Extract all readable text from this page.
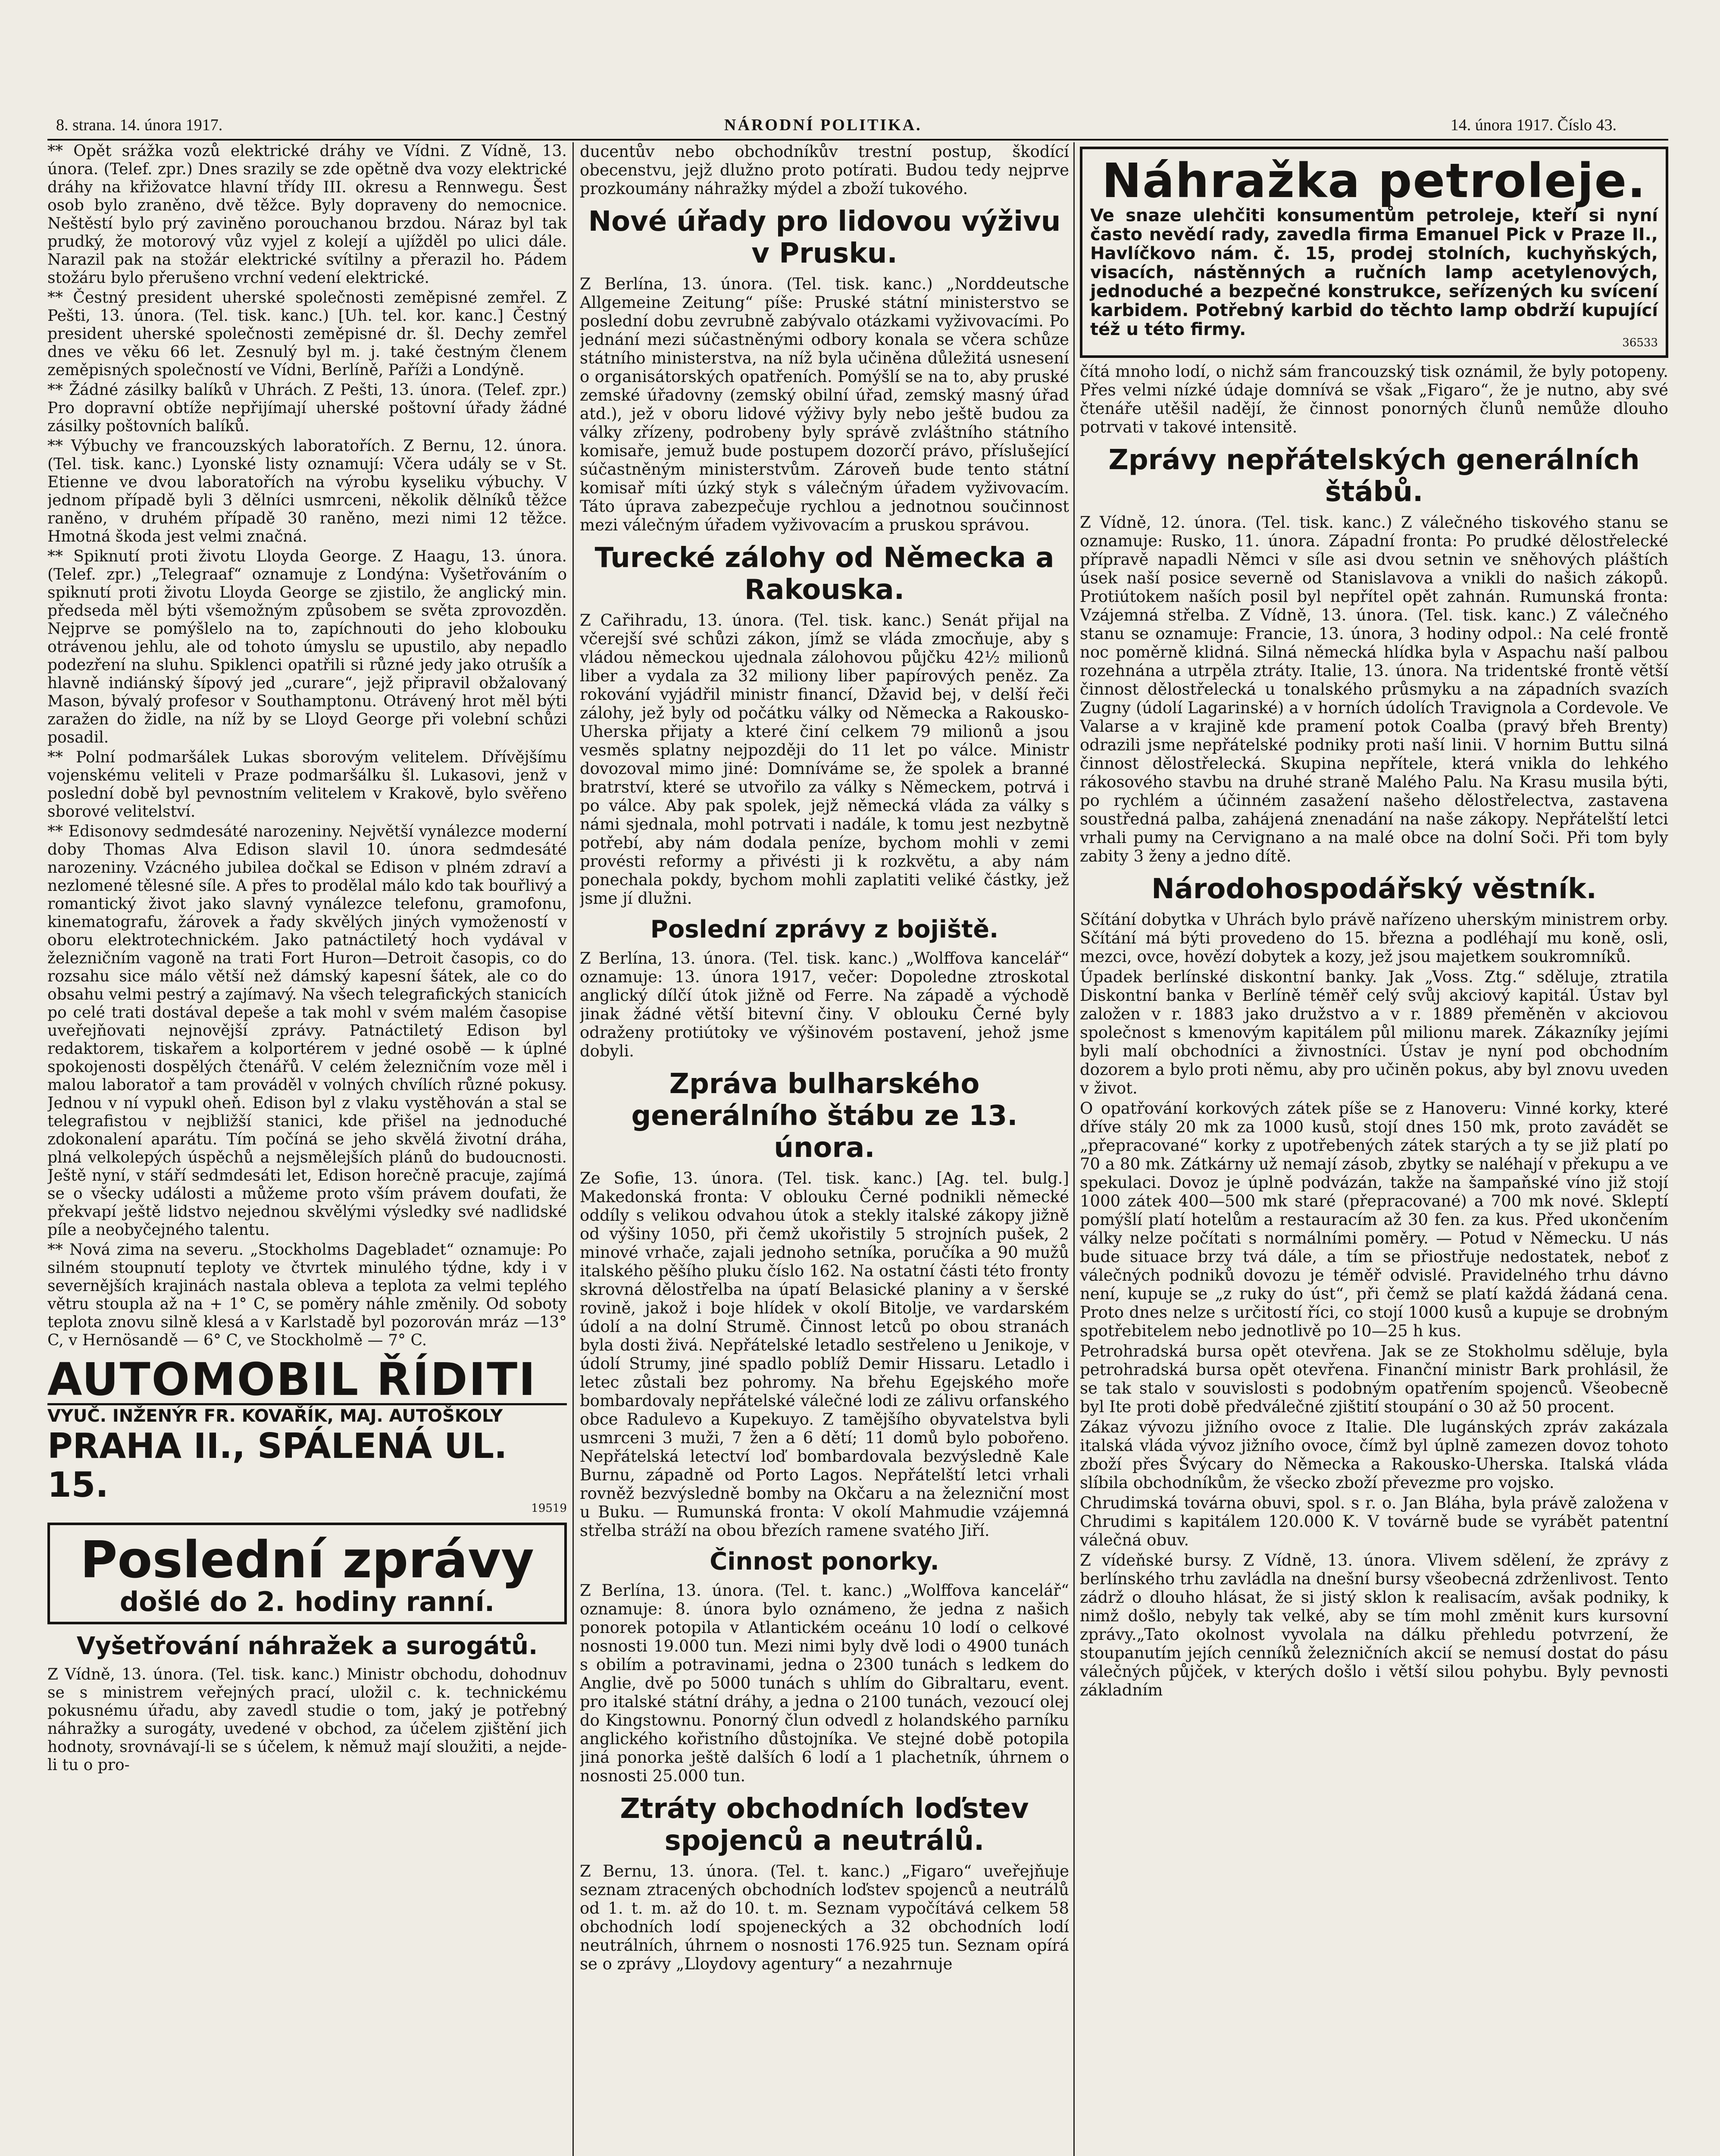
8. strana. 14. února 1917.	NÁRODNÍ POLITIKA.	14. února 1917. Číslo 43.

** Opět srážka vozů elektrické dráhy ve Vídni. Z Vídně, 13. února. (Telef. zpr.) Dnes srazily se zde opětně dva vozy elektrické dráhy na křižovatce hlavní třídy III. okresu a Rennwegu. Šest osob bylo zraněno, dvě těžce. Byly dopraveny do nemocnice. Neštěstí bylo prý zaviněno porouchanou brzdou. Náraz byl tak prudký, že motorový vůz vyjel z kolejí a ujížděl po ulici dále. Narazil pak na stožár elektrické svítilny a přerazil ho. Pádem stožáru bylo přerušeno vrchní vedení elektrické.

** Čestný president uherské společnosti zeměpisné zemřel. Z Pešti, 13. února. (Tel. tisk. kanc.) [Uh. tel. kor. kanc.] Čestný president uherské společnosti zeměpisné dr. šl. Dechy zemřel dnes ve věku 66 let. Zesnulý byl m. j. také čestným členem zeměpisných společností ve Vídni, Berlíně, Paříži a Londýně.

** Žádné zásilky balíků v Uhrách. Z Pešti, 13. února. (Telef. zpr.) Pro dopravní obtíže nepřijímají uherské poštovní úřady žádné zásilky poštovních balíků.

** Výbuchy ve francouzských laboratořích. Z Bernu, 12. února. (Tel. tisk. kanc.) Lyonské listy oznamují: Včera udály se v St. Etienne ve dvou laboratořích na výrobu kyseliku výbuchy. V jednom případě byli 3 dělníci usmrceni, několik dělníků těžce raněno, v druhém případě 30 raněno, mezi nimi 12 těžce. Hmotná škoda jest velmi značná.

** Spiknutí proti životu Lloyda George. Z Haagu, 13. února. (Telef. zpr.) „Telegraaf“ oznamuje z Londýna: Vyšetřováním o spiknutí proti životu Lloyda George se zjistilo, že anglický min. předseda měl býti všemožným způsobem se světa zprovozděn. Nejprve se pomýšlelo na to, zapíchnouti do jeho klobouku otrávenou jehlu, ale od tohoto úmyslu se upustilo, aby nepadlo podezření na sluhu. Spiklenci opatřili si různé jedy jako otrušík a hlavně indiánský šípový jed „curare“, jejž připravil obžalovaný Mason, bývalý profesor v Southamptonu. Otrávený hrot měl býti zaražen do židle, na níž by se Lloyd George při volební schůzi posadil.

** Polní podmaršálek Lukas sborovým velitelem. Dřívějšímu vojenskému veliteli v Praze podmaršálku šl. Lukasovi, jenž v poslední době byl pevnostním velitelem v Krakově, bylo svěřeno sborové velitelství.

** Edisonovy sedmdesáté narozeniny. Největší vynálezce moderní doby Thomas Alva Edison slavil 10. února sedmdesáté narozeniny. Vzácného jubilea dočkal se Edison v plném zdraví a nezlomené tělesné síle. A přes to prodělal málo kdo tak bouřlivý a romantický život jako slavný vynálezce telefonu, gramofonu, kinematografu, žárovek a řady skvělých jiných vymožeností v oboru elektrotechnickém. Jako patnáctiletý hoch vydával v železničním vagoně na trati Fort Huron—Detroit časopis, co do rozsahu sice málo větší než dámský kapesní šátek, ale co do obsahu velmi pestrý a zajímavý. Na všech telegrafických stanicích po celé trati dostával depeše a tak mohl v svém malém časopise uveřejňovati nejnovější zprávy. Patnáctiletý Edison byl redaktorem, tiskařem a kolportérem v jedné osobě — k úplné spokojenosti dospělých čtenářů. V celém železničním voze měl i malou laboratoř a tam prováděl v volných chvílích různé pokusy. Jednou v ní vypukl oheň. Edison byl z vlaku vystěhován a stal se telegrafistou v nejbližší stanici, kde přišel na jednoduché zdokonalení aparátu. Tím počíná se jeho skvělá životní dráha, plná velkolepých úspěchů a nejsmělejších plánů do budoucnosti. Ještě nyní, v stáří sedmdesáti let, Edison horečně pracuje, zajímá se o všecky události a můžeme proto vším právem doufati, že překvapí ještě lidstvo nejednou skvělými výsledky své nadlidské píle a neobyčejného talentu.

** Nová zima na severu. „Stockholms Dagebladet“ oznamuje: Po silném stoupnutí teploty ve čtvrtek minulého týdne, kdy i v severnějších krajinách nastala obleva a teplota za velmi teplého větru stoupla až na + 1° C, se poměry náhle změnily. Od soboty teplota znovu silně klesá a v Karlstadě byl pozorován mráz —13° C, v Hernösandě — 6° C, ve Stockholmě — 7° C.

AUTOMOBIL ŘÍDITI
VYUČ. INŽENÝR FR. KOVAŘÍK, MAJ. AUTOŠKOLY
PRAHA II., SPÁLENÁ UL. 15.
19519
Poslední zprávy
došlé do 2. hodiny ranní.
Vyšetřování náhražek a surogátů.

Z Vídně, 13. února. (Tel. tisk. kanc.) Ministr obchodu, dohodnuv se s ministrem veřejných prací, uložil c. k. technickému pokusnému úřadu, aby zavedl studie o tom, jaký je potřebný náhražky a surogáty, uvedené v obchod, za účelem zjištění jich hodnoty, srovnávají-li se s účelem, k němuž mají sloužiti, a nejde-li tu o pro-

ducentův nebo obchodníkův trestní postup, škodící obecenstvu, jejž dlužno proto potírati. Budou tedy nejprve prozkoumány náhražky mýdel a zboží tukového.

Nové úřady pro lidovou výživu v Prusku.

Z Berlína, 13. února. (Tel. tisk. kanc.) „Norddeutsche Allgemeine Zeitung“ píše: Pruské státní ministerstvo se poslední dobu zevrubně zabývalo otázkami vyživovacími. Po jednání mezi súčastněnými odbory konala se včera schůze státního ministerstva, na níž byla učiněna důležitá usnesení o organisátorských opatřeních. Pomýšlí se na to, aby pruské zemské úřadovny (zemský obilní úřad, zemský masný úřad atd.), jež v oboru lidové výživy byly nebo ještě budou za války zřízeny, podrobeny byly správě zvláštního státního komisaře, jemuž bude postupem dozorčí právo, příslušející súčastněným ministerstvům. Zároveň bude tento státní komisař míti úzký styk s válečným úřadem vyživovacím. Táto úprava zabezpečuje rychlou a jednotnou součinnost mezi válečným úřadem vyživovacím a pruskou správou.

Turecké zálohy od Německa a Rakouska.

Z Cařihradu, 13. února. (Tel. tisk. kanc.) Senát přijal na včerejší své schůzi zákon, jímž se vláda zmocňuje, aby s vládou německou ujednala zálohovou půjčku 42½ milionů liber a vydala za 32 miliony liber papírových peněz. Za rokování vyjádřil ministr financí, Džavid bej, v delší řeči zálohy, jež byly od počátku války od Německa a Rakousko-Uherska přijaty a které činí celkem 79 milionů a jsou vesměs splatny nejpozději do 11 let po válce. Ministr dovozoval mimo jiné: Domníváme se, že spolek a branné bratrství, které se utvořilo za války s Německem, potrvá i po válce. Aby pak spolek, jejž německá vláda za války s námi sjednala, mohl potrvati i nadále, k tomu jest nezbytně potřebí, aby nám dodala peníze, bychom mohli v zemi provésti reformy a přivésti ji k rozkvětu, a aby nám ponechala pokdy, bychom mohli zaplatiti veliké částky, jež jsme jí dlužni.

Poslední zprávy z bojiště.

Z Berlína, 13. února. (Tel. tisk. kanc.) „Wolffova kancelář“ oznamuje: 13. února 1917, večer: Dopoledne ztroskotal anglický dílčí útok jižně od Ferre. Na západě a východě jinak žádné větší bitevní činy. V oblouku Černé byly odraženy protiútoky ve výšinovém postavení, jehož jsme dobyli.

Zpráva bulharského generálního štábu ze 13. února.

Ze Sofie, 13. února. (Tel. tisk. kanc.) [Ag. tel. bulg.] Makedonská fronta: V oblouku Černé podnikli německé oddíly s velikou odvahou útok a stekly italské zákopy jižně od výšiny 1050, při čemž ukořistily 5 strojních pušek, 2 minové vrhače, zajali jednoho setníka, poručíka a 90 mužů italského pěšího pluku číslo 162. Na ostatní části této fronty skrovná dělostřelba na úpatí Belasické planiny a v šerské rovině, jakož i boje hlídek v okolí Bitolje, ve vardarském údolí a na dolní Strumě. Činnost letců po obou stranách byla dosti živá. Nepřátelské letadlo sestřeleno u Jenikoje, v údolí Strumy, jiné spadlo poblíž Demir Hissaru. Letadlo i letec zůstali bez pohromy. Na břehu Egejského moře bombardovaly nepřátelské válečné lodi ze zálivu orfanského obce Radulevo a Kupekuyo. Z tamějšího obyvatelstva byli usmrceni 3 muži, 7 žen a 6 dětí; 11 domů bylo pobořeno. Nepřátelská letectví loď bombardovala bezvýsledně Kale Burnu, západně od Porto Lagos. Nepřátelští letci vrhali rovněž bezvýsledně bomby na Okčaru a na železniční most u Buku. — Rumunská fronta: V okolí Mahmudie vzájemná střelba stráží na obou březích ramene svatého Jiří.

Činnost ponorky.

Z Berlína, 13. února. (Tel. t. kanc.) „Wolffova kancelář“ oznamuje: 8. února bylo oznámeno, že jedna z našich ponorek potopila v Atlantickém oceánu 10 lodí o celkové nosnosti 19.000 tun. Mezi nimi byly dvě lodi o 4900 tunách s obilím a potravinami, jedna o 2300 tunách s ledkem do Anglie, dvě po 5000 tunách s uhlím do Gibraltaru, event. pro italské státní dráhy, a jedna o 2100 tunách, vezoucí olej do Kingstownu. Ponorný člun odvedl z holandského parníku anglického kořistního důstojníka. Ve stejné době potopila jiná ponorka ještě dalších 6 lodí a 1 plachetník, úhrnem o nosnosti 25.000 tun.

Ztráty obchodních loďstev spojenců a neutrálů.

Z Bernu, 13. února. (Tel. t. kanc.) „Figaro“ uveřejňuje seznam ztracených obchodních loďstev spojenců a neutrálů od 1. t. m. až do 10. t. m. Seznam vypočítává celkem 58 obchodních lodí spojeneckých a 32 obchodních lodí neutrálních, úhrnem o nosnosti 176.925 tun. Seznam opírá se o zprávy „Lloydovy agentury“ a nezahrnuje

Náhražka petroleje.
Ve snaze ulehčiti konsumentům petroleje, kteří si nyní často nevědí rady, zavedla firma Emanuel Pick v Praze II., Havlíčkovo nám. č. 15, prodej stolních, kuchyňských, visacích, nástěnných a ručních lamp acetylenových, jednoduché a bezpečné konstrukce, seřízených ku svícení karbidem. Potřebný karbid do těchto lamp obdrží kupující též u této firmy.
36533

čítá mnoho lodí, o nichž sám francouzský tisk oznámil, že byly potopeny. Přes velmi nízké údaje domnívá se však „Figaro“, že je nutno, aby své čtenáře utěšil nadějí, že činnost ponorných člunů nemůže dlouho potrvati v takové intensitě.

Zprávy nepřátelských generálních štábů.

Z Vídně, 12. února. (Tel. tisk. kanc.) Z válečného tiskového stanu se oznamuje: Rusko, 11. února. Západní fronta: Po prudké dělostřelecké přípravě napadli Němci v síle asi dvou setnin ve sněhových pláštích úsek naší posice severně od Stanislavova a vnikli do našich zákopů. Protiútokem naších posil byl nepřítel opět zahnán. Rumunská fronta: Vzájemná střelba. Z Vídně, 13. února. (Tel. tisk. kanc.) Z válečného stanu se oznamuje: Francie, 13. února, 3 hodiny odpol.: Na celé frontě noc poměrně klidná. Silná německá hlídka byla v Aspachu naší palbou rozehnána a utrpěla ztráty. Italie, 13. února. Na tridentské frontě větší činnost dělostřelecká u tonalského průsmyku a na západních svazích Zugny (údolí Lagarinské) a v horních údolích Travignola a Cordevole. Ve Valarse a v krajině kde pramení potok Coalba (pravý břeh Brenty) odrazili jsme nepřátelské podniky proti naší linii. V hornim Buttu silná činnost dělostřelecká. Skupina nepřítele, která vnikla do lehkého rákosového stavbu na druhé straně Malého Palu. Na Krasu musila býti, po rychlém a účinném zasažení našeho dělostřelectva, zastavena soustředná palba, zahájená znenadání na naše zákopy. Nepřátelští letci vrhali pumy na Cervignano a na malé obce na dolní Soči. Při tom byly zabity 3 ženy a jedno dítě.

Národohospodářský věstník.

Sčítání dobytka v Uhrách bylo právě nařízeno uherským ministrem orby. Sčítání má býti provedeno do 15. března a podléhají mu koně, osli, mezci, ovce, hovězí dobytek a kozy, jež jsou majetkem soukromníků.

Úpadek berlínské diskontní banky. Jak „Voss. Ztg.“ sděluje, ztratila Diskontní banka v Berlíně téměř celý svůj akciový kapitál. Ústav byl založen v r. 1883 jako družstvo a v r. 1889 přeměněn v akciovou společnost s kmenovým kapitálem půl milionu marek. Zákazníky jejími byli malí obchodníci a živnostníci. Ústav je nyní pod obchodním dozorem a bylo proti němu, aby pro učiněn pokus, aby byl znovu uveden v život.

O opatřování korkových zátek píše se z Hanoveru: Vinné korky, které dříve stály 20 mk za 1000 kusů, stojí dnes 150 mk, proto zavádět se „přepracované“ korky z upotřebených zátek starých a ty se již platí po 70 a 80 mk. Zátkárny už nemají zásob, zbytky se naléhají v překupu a ve spekulaci. Dovoz je úplně podvázán, takže na šampaňské víno již stojí 1000 zátek 400—500 mk staré (přepracované) a 700 mk nové. Skleptí pomýšlí platí hotelům a restauracím až 30 fen. za kus. Před ukončením války nelze počítati s normálními poměry. — Potud v Německu. U nás bude situace brzy tvá dále, a tím se přiostřuje nedostatek, neboť z válečných podniků dovozu je téměř odvislé. Pravidelného trhu dávno není, kupuje se „z ruky do úst“, při čemž se platí každá žádaná cena. Proto dnes nelze s určitostí říci, co stojí 1000 kusů a kupuje se drobným spotřebitelem nebo jednotlivě po 10—25 h kus.

Petrohradská bursa opět otevřena. Jak se ze Stokholmu sděluje, byla petrohradská bursa opět otevřena. Finanční ministr Bark prohlásil, že se tak stalo v souvislosti s podobným opatřením spojenců. Všeobecně byl Ite proti době předválečné zjištití stoupání o 30 až 50 procent.

Zákaz vývozu jižního ovoce z Italie. Dle lugánských zpráv zakázala italská vláda vývoz jižního ovoce, čímž byl úplně zamezen dovoz tohoto zboží přes Švýcary do Německa a Rakousko-Uherska. Italská vláda slíbila obchodníkům, že všecko zboží převezme pro vojsko.

Chrudimská továrna obuvi, spol. s r. o. Jan Bláha, byla právě založena v Chrudimi s kapitálem 120.000 K. V továrně bude se vyrábět patentní válečná obuv.

Z vídeňské bursy. Z Vídně, 13. února. Vlivem sdělení, že zprávy z berlínského trhu zavládla na dnešní bursy všeobecná zdrženlivost. Tento zádrž o dlouho hlásat, že si jistý sklon k realisacím, avšak podniky, k nimž došlo, nebyly tak velké, aby se tím mohl změnit kurs kursovní zprávy.„Tato okolnost vyvolala na dálku přehledu potvrzení, že stoupanutím jejích cenníků železničních akcií se nemusí dostat do pásu válečných půjček, v kterých došlo i větší silou pohybu. Byly pevnosti základním
